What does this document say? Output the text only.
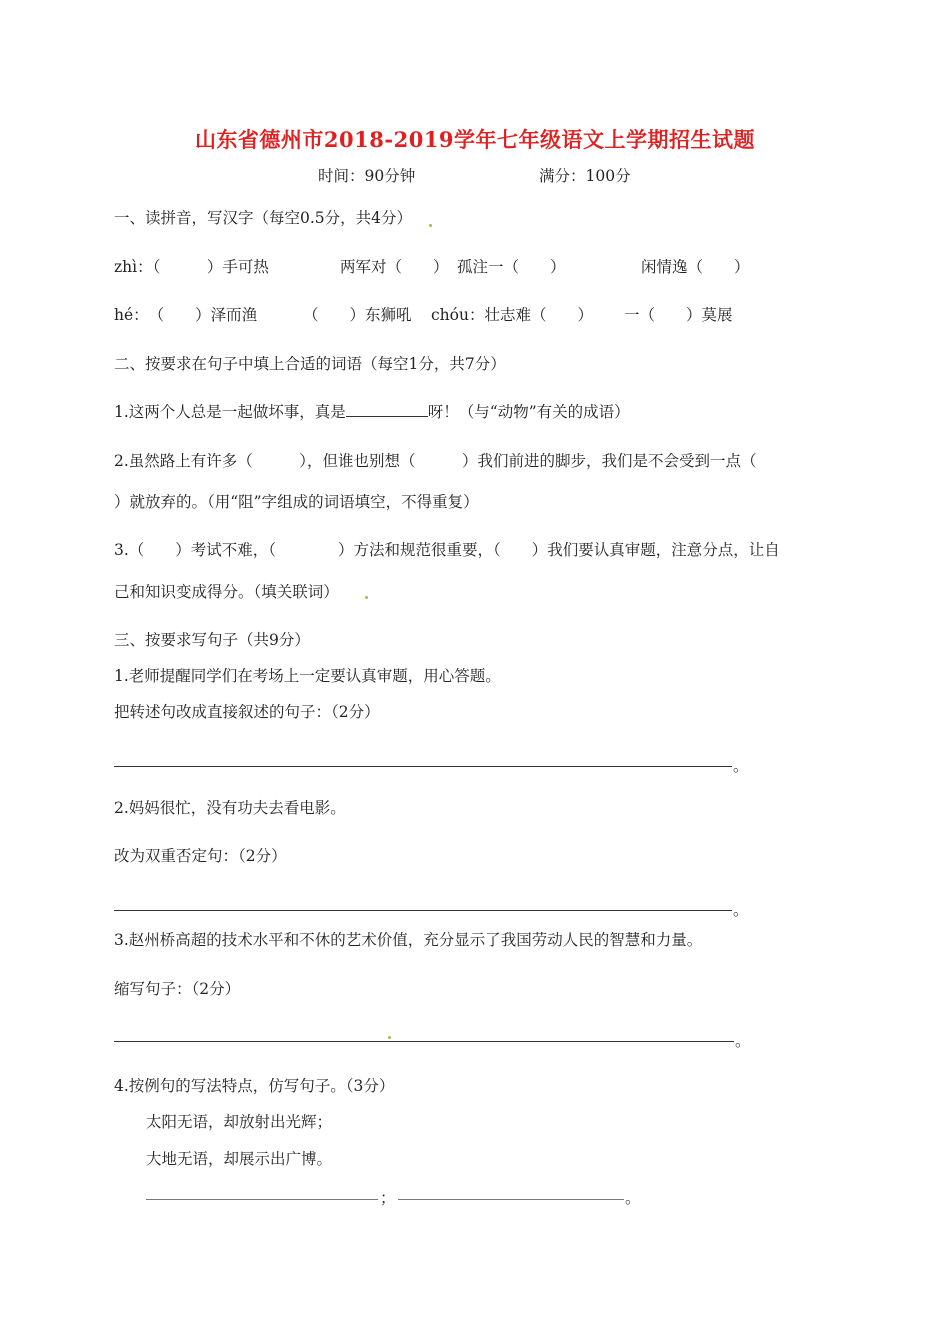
山东省德州市2018-2019学年七年级语文上学期招生试题
时间：90分钟	满分：100分
一、读拼音，写汉字（每空0.5分，共4分）
zhì：（　　　）手可热	两军对（　　） 孤注一（　　）	闲情逸（　　）
hé：　（　　）泽而渔	（　　）东狮吼 chóu：壮志难（　　） 一（　　）莫展
二、按要求在句子中填上合适的词语（每空1分，共7分）
1.这两个人总是一起做坏事，真是	呀！（与“动物”有关的成语）
2.虽然路上有许多（　　　），但谁也别想（　　　）我们前进的脚步，我们是不会受到一点（
）就放弃的。（用“阻”字组成的词语填空，不得重复）
3.（　　）考试不难，（　　　　）方法和规范很重要，（　　）我们要认真审题，注意分点，让自
己和知识变成得分。（填关联词）
三、按要求写句子（共9分）
1.老师提醒同学们在考场上一定要认真审题，用心答题。
把转述句改成直接叙述的句子：（2分）
。
2.妈妈很忙，没有功夫去看电影。
改为双重否定句：（2分）
。
3.赵州桥高超的技术水平和不休的艺术价值，充分显示了我国劳动人民的智慧和力量。
缩写句子：（2分）
。
4.按例句的写法特点，仿写句子。（3分）
太阳无语，却放射出光辉；
大地无语，却展示出广博。
；	。
